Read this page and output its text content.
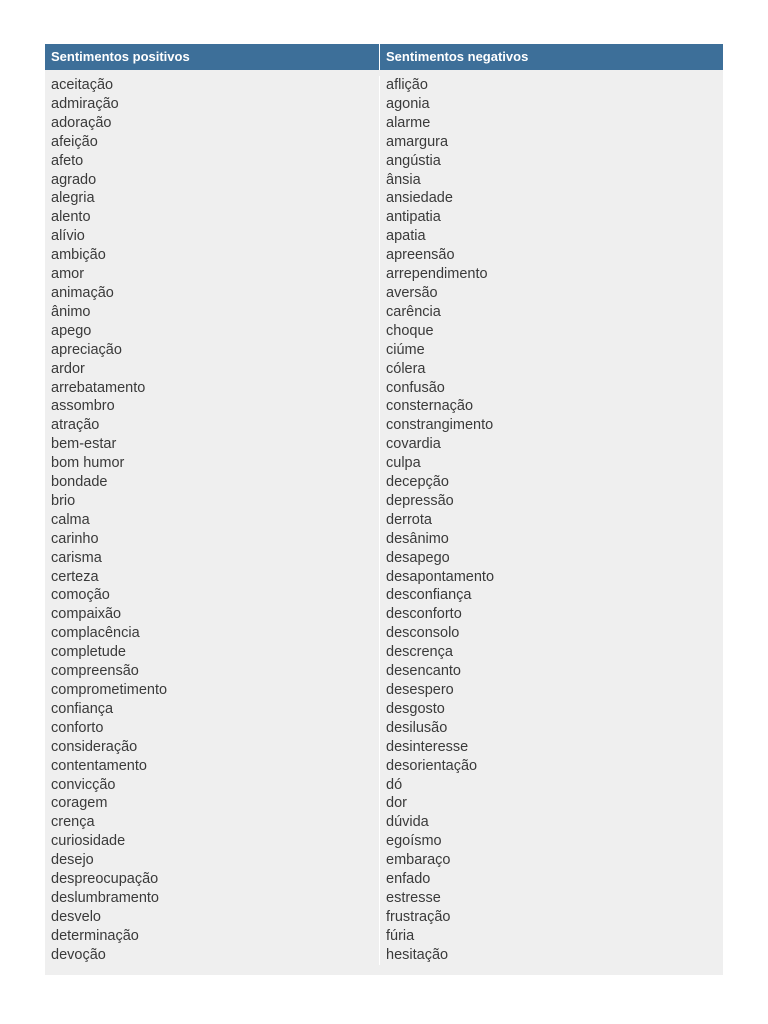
Sentimentos positivos	Sentimentos negativos
aceitação
admiração
adoração
afeição
afeto
agrado
alegria
alento
alívio
ambição
amor
animação
ânimo
apego
apreciação
ardor
arrebatamento
assombro
atração
bem-estar
bom humor
bondade
brio
calma
carinho
carisma
certeza
comoção
compaixão
complacência
completude
compreensão
comprometimento
confiança
conforto
consideração
contentamento
convicção
coragem
crença
curiosidade
desejo
despreocupação
deslumbramento
desvelo
determinação
devoção
aflição
agonia
alarme
amargura
angústia
ânsia
ansiedade
antipatia
apatia
apreensão
arrependimento
aversão
carência
choque
ciúme
cólera
confusão
consternação
constrangimento
covardia
culpa
decepção
depressão
derrota
desânimo
desapego
desapontamento
desconfiança
desconforto
desconsolo
descrença
desencanto
desespero
desgosto
desilusão
desinteresse
desorientação
dó
dor
dúvida
egoísmo
embaraço
enfado
estresse
frustração
fúria
hesitação
